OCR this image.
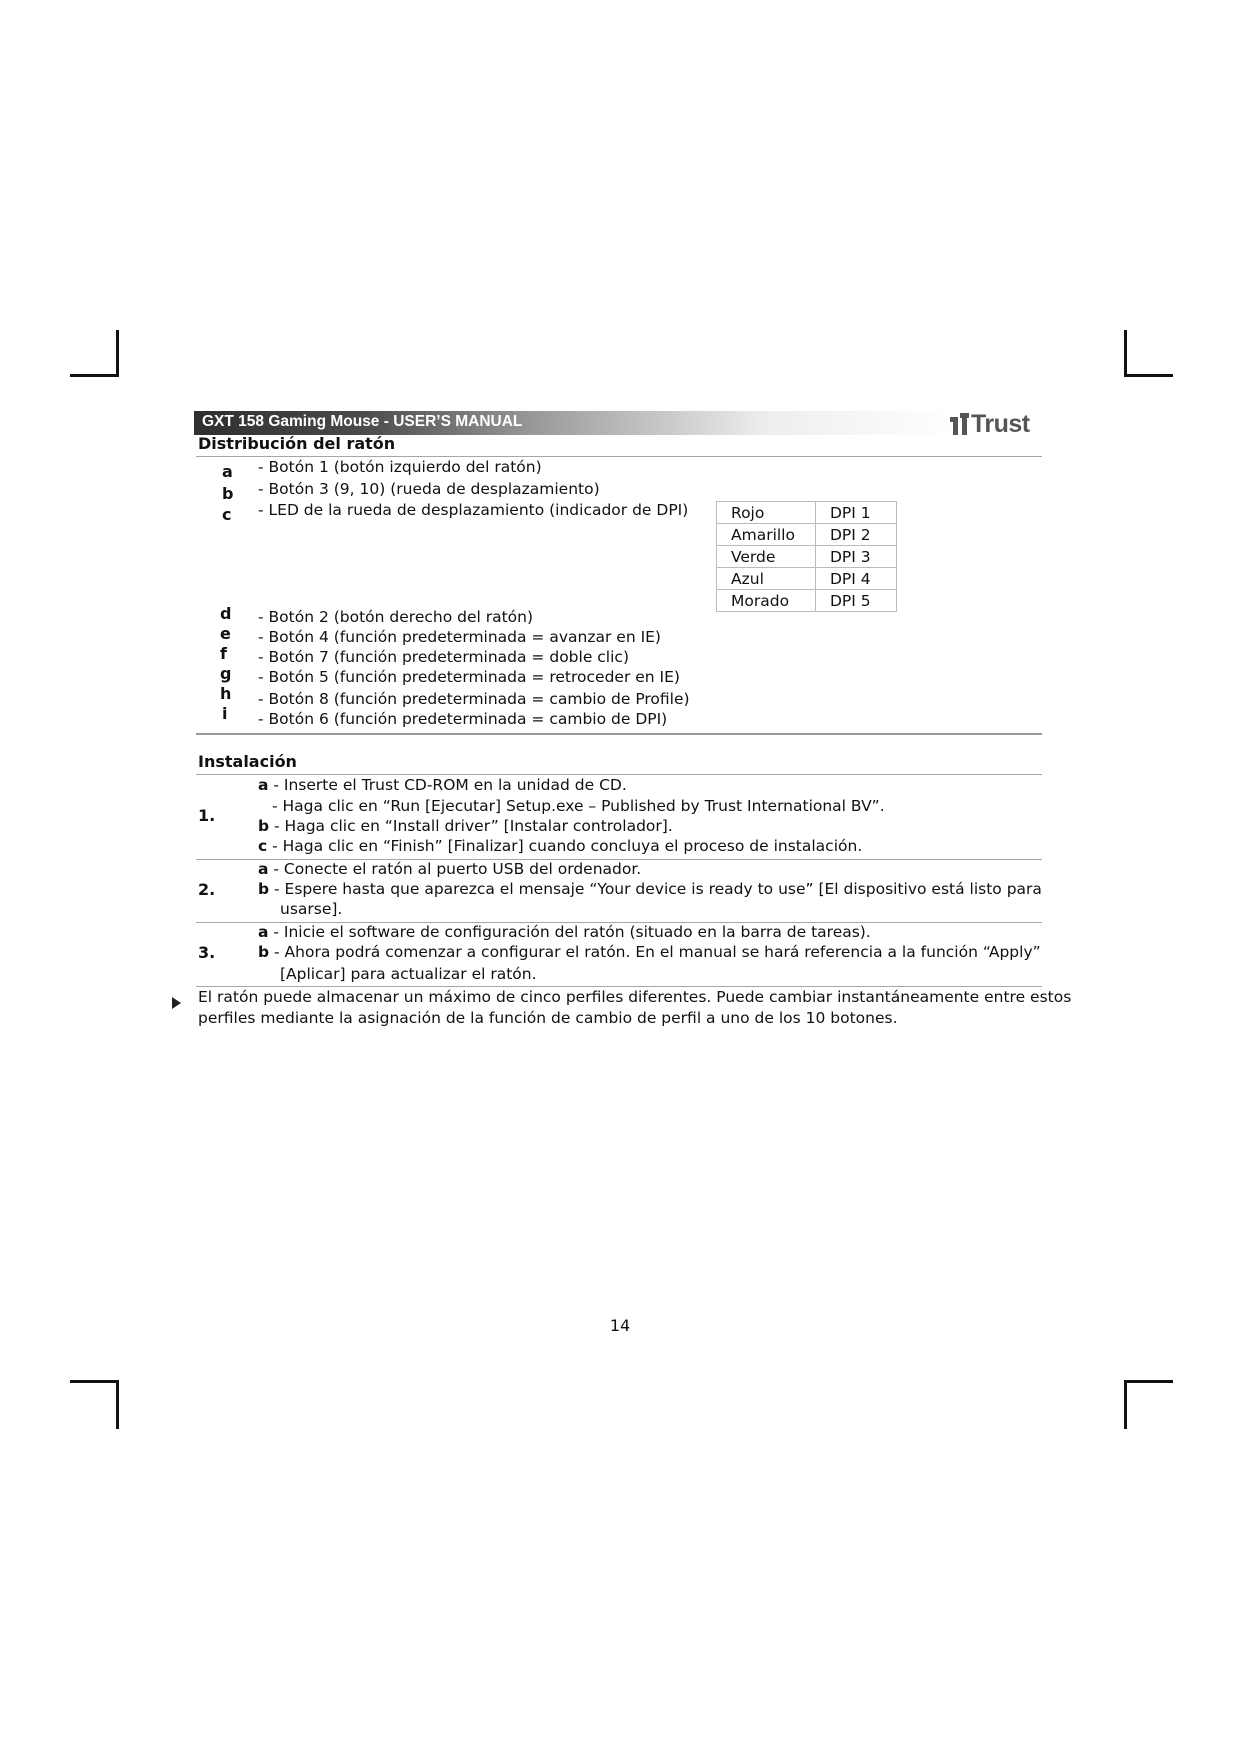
GXT 158 Gaming Mouse - USER’S MANUAL	Trust
Distribución del ratón
a	- Botón 1 (botón izquierdo del ratón)
b	- Botón 3 (9, 10) (rueda de desplazamiento)
c	- LED de la rueda de desplazamiento (indicador de DPI)	Rojo	DPI 1
Amarillo	DPI 2
Verde	DPI 3
Azul	DPI 4
Morado	DPI 5
d	- Botón 2 (botón derecho del ratón)
e	- Botón 4 (función predeterminada = avanzar en IE)
f	- Botón 7 (función predeterminada = doble clic)
g	- Botón 5 (función predeterminada = retroceder en IE)
h	- Botón 8 (función predeterminada = cambio de Profile)
i	- Botón 6 (función predeterminada = cambio de DPI)
Instalación
1.
a - Inserte el Trust CD-ROM en la unidad de CD.
- Haga clic en “Run [Ejecutar] Setup.exe – Published by Trust International BV”.
b - Haga clic en “Install driver” [Instalar controlador].
c - Haga clic en “Finish” [Finalizar] cuando concluya el proceso de instalación.
2.
a - Conecte el ratón al puerto USB del ordenador.
b - Espere hasta que aparezca el mensaje “Your device is ready to use” [El dispositivo está listo para
usarse].
3.
a - Inicie el software de configuración del ratón (situado en la barra de tareas).
b - Ahora podrá comenzar a configurar el ratón. En el manual se hará referencia a la función “Apply”
[Aplicar] para actualizar el ratón.
El ratón puede almacenar un máximo de cinco perfiles diferentes. Puede cambiar instantáneamente entre estos
perfiles mediante la asignación de la función de cambio de perfil a uno de los 10 botones.
14
